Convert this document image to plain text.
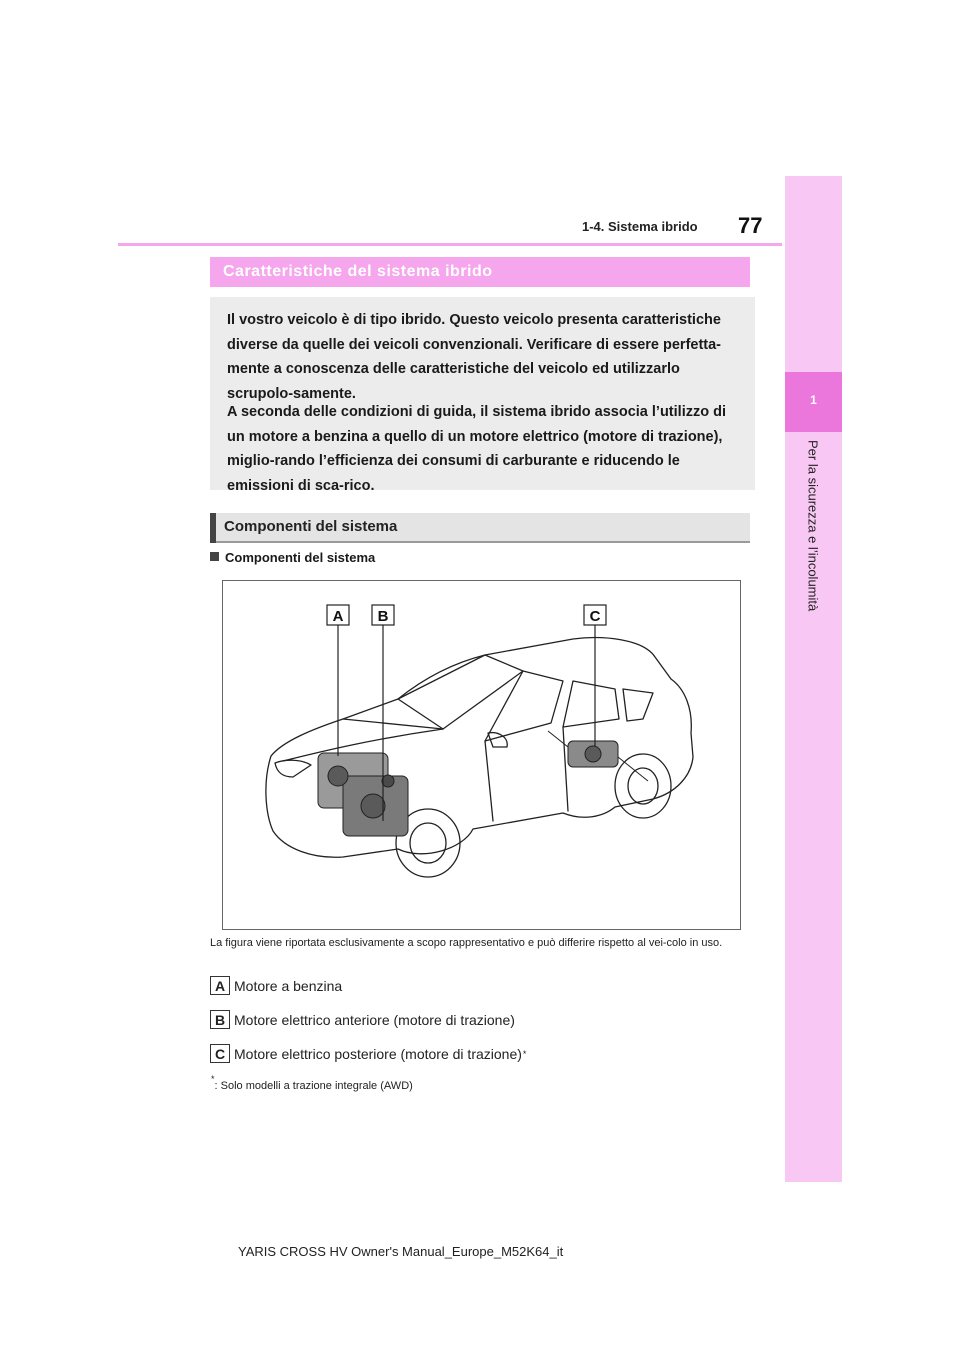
1
Per la sicurezza e l’incolumità
1-4. Sistema ibrido 77
Caratteristiche del sistema ibrido
Il vostro veicolo è di tipo ibrido. Questo veicolo presenta caratteristiche diverse da quelle dei veicoli convenzionali. Verificare di essere perfetta-mente a conoscenza delle caratteristiche del veicolo ed utilizzarlo scrupolo-samente.
A seconda delle condizioni di guida, il sistema ibrido associa l’utilizzo di un motore a benzina a quello di un motore elettrico (motore di trazione), miglio-rando l’efficienza dei consumi di carburante e riducendo le emissioni di sca-rico.
Componenti del sistema
Componenti del sistema
A B	C
La figura viene riportata esclusivamente a scopo rappresentativo e può differire rispetto al vei-colo in uso.
A Motore a benzina
B Motore elettrico anteriore (motore di trazione)
C Motore elettrico posteriore (motore di trazione) *
*: Solo modelli a trazione integrale (AWD)
YARIS CROSS HV Owner's Manual_Europe_M52K64_it
